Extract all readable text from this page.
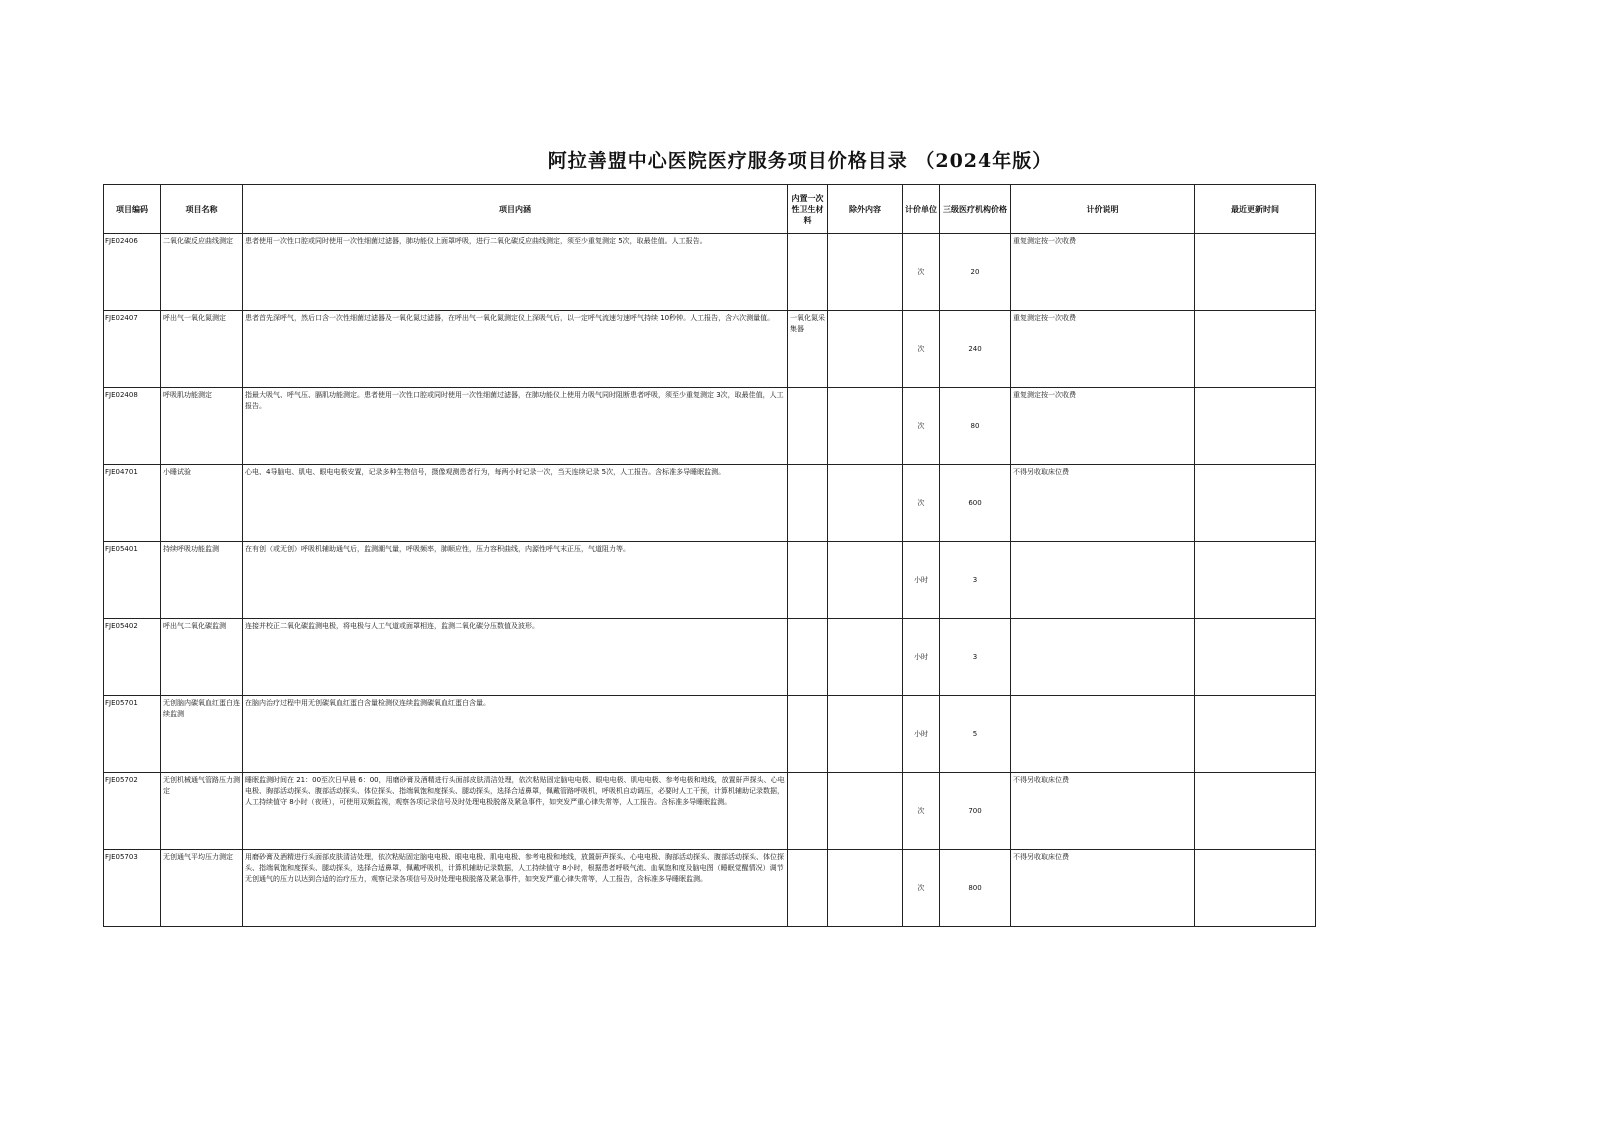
阿拉善盟中心医院医疗服务项目价格目录 （2024年版）
项目编码	项目名称	项目内涵	内置一次性卫生材料	除外内容	计价单位	三级医疗机构价格	计价说明	最近更新时间
FJE02406	二氧化碳反应曲线测定	患者使用一次性口腔或同时使用一次性细菌过滤器，肺功能仪上面罩呼吸，进行二氧化碳反应曲线测定，须至少重复测定 5次，取最佳值。人工报告。			次	20	重复测定按一次收费	
FJE02407	呼出气一氧化氮测定	患者首先深呼气，然后口含一次性细菌过滤器及一氧化氮过滤器，在呼出气一氧化氮测定仪上深吸气后，以一定呼气流速匀速呼气持续 10秒钟。人工报告，含六次测量值。	一氧化氮采集器		次	240	重复测定按一次收费	
FJE02408	呼吸肌功能测定	指最大吸气、呼气压、膈肌功能测定。患者使用一次性口腔或同时使用一次性细菌过滤器，在肺功能仪上使用力吸气同时阻断患者呼吸，须至少重复测定 3次，取最佳值，人工报告。			次	80	重复测定按一次收费	
FJE04701	小睡试验	心电、4导脑电、肌电、眼电电极安置，记录多种生物信号，摄像观测患者行为，每两小时记录一次，当天连续记录 5次，人工报告。含标准多导睡眠监测。			次	600	不得另收取床位费	
FJE05401	持续呼吸功能监测	在有创（或无创）呼吸机辅助通气后，监测潮气量，呼吸频率，肺顺应性，压力容积曲线，内源性呼气末正压，气道阻力等。			小时	3		
FJE05402	呼出气二氧化碳监测	连接并校正二氧化碳监测电极，将电极与人工气道或面罩相连，监测二氧化碳分压数值及波形。			小时	3		
FJE05701	无创脑内碳氧血红蛋白连续监测	在脑内治疗过程中用无创碳氧血红蛋白含量检测仪连续监测碳氧血红蛋白含量。			小时	5		
FJE05702	无创机械通气管路压力测定	睡眠监测时间在 21：00至次日早晨 6：00，用磨砂膏及酒精进行头面部皮肤清洁处理，依次粘贴固定脑电电极、眼电电极、肌电电极、参考电极和地线，放置鼾声探头、心电电极、胸部活动探头、腹部活动探头、体位探头、指端氧饱和度探头、腿动探头，选择合适鼻罩，佩戴管路呼吸机，呼吸机自动调压，必要时人工干预，计算机辅助记录数据，人工持续值守 8小时（夜班），可使用双频监视，观察各项记录信号及时处理电极脱落及紧急事件，如突发严重心律失常等，人工报告。含标准多导睡眠监测。			次	700	不得另收取床位费	
FJE05703	无创通气平均压力测定	用磨砂膏及酒精进行头面部皮肤清洁处理，依次粘贴固定脑电电极、眼电电极、肌电电极、参考电极和地线，放置鼾声探头、心电电极、胸部活动探头、腹部活动探头、体位探头、指端氧饱和度探头、腿动探头，选择合适鼻罩，佩戴呼吸机，计算机辅助记录数据，人工持续值守 8小时，根据患者呼吸气流、血氧饱和度及脑电图（睡眠觉醒情况）调节无创通气的压力以达到合适的治疗压力，观察记录各项信号及时处理电极脱落及紧急事件，如突发严重心律失常等，人工报告，含标准多导睡眠监测。			次	800	不得另收取床位费	
